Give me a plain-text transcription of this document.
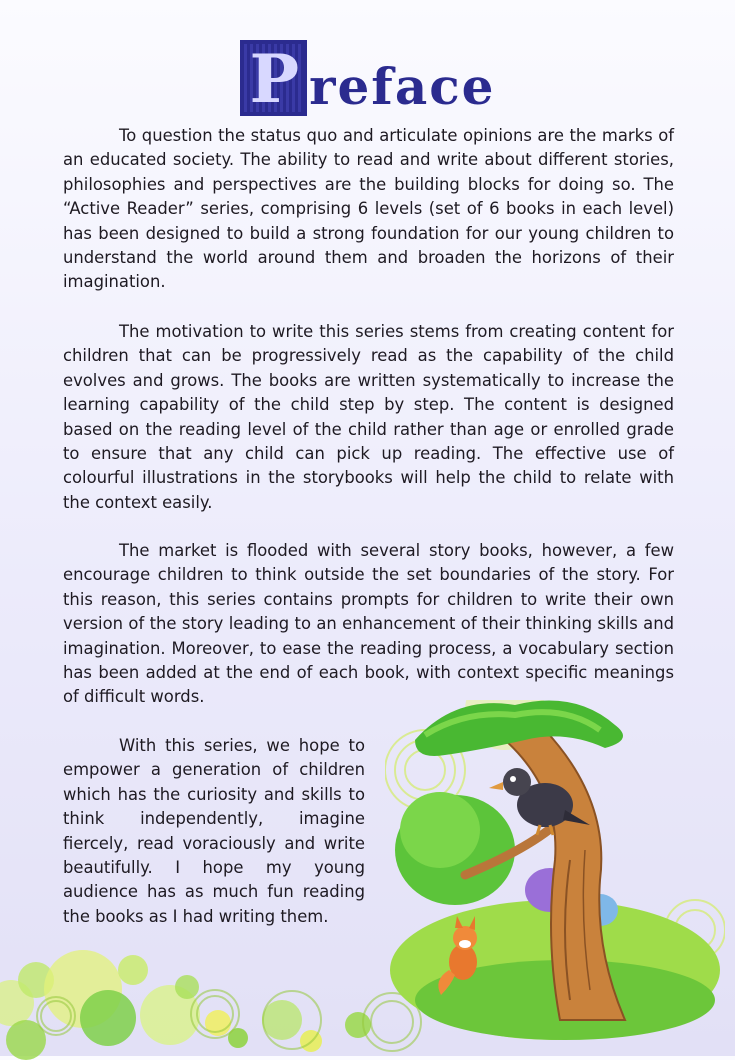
P reface

To question the status quo and articulate opinions are the marks of an educated society. The ability to read and write about different stories, philosophies and perspectives are the building blocks for doing so. The “Active Reader” series, comprising 6 levels (set of 6 books in each level) has been designed to build a strong foundation for our young children to understand the world around them and broaden the horizons of their imagination.

The motivation to write this series stems from creating content for children that can be progressively read as the capability of the child evolves and grows. The books are written systematically to increase the learning capability of the child step by step. The content is designed based on the reading level of the child rather than age or enrolled grade to ensure that any child can pick up reading. The effective use of colourful illustrations in the storybooks will help the child to relate with the context easily.

The market is flooded with several story books, however, a few encourage children to think outside the set boundaries of the story. For this reason, this series contains prompts for children to write their own version of the story leading to an enhancement of their thinking skills and imagination. Moreover, to ease the reading process, a vocabulary section has been added at the end of each book, with context specific meanings of difficult words.

With this series, we hope to empower a generation of children which has the curiosity and skills to think independently, imagine fiercely, read voraciously and write beautifully. I hope my young audience has as much fun reading the books as I had writing them.
